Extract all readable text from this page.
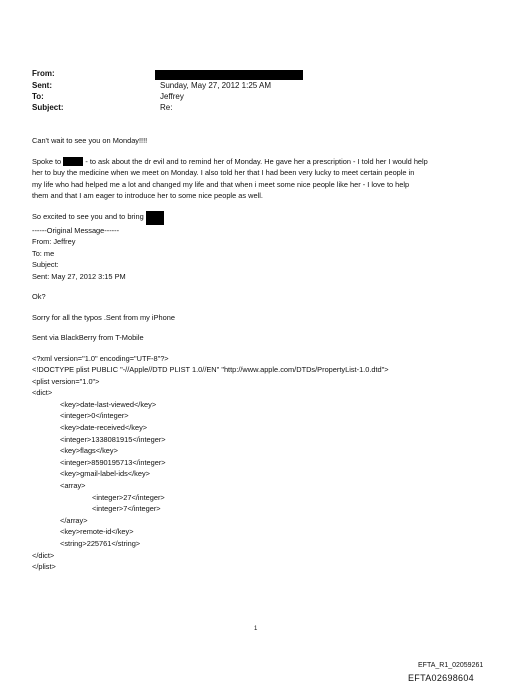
From:
Sent:	Sunday, May 27, 2012 1:25 AM
To:	Jeffrey
Subject:	Re:

Can't wait to see you on Monday!!!!

Spoke to	- to ask about the dr evil and to remind her of Monday. He gave her a prescription - I told her I would help
her to buy the medicine when we meet on Monday. I also told her that I had been very lucky to meet certain people in
my life who had helped me a lot and changed my life and that when i meet some nice people like her - I love to help
them and that I am eager to introduce her to some nice people as well.

So excited to see you and to bring
------Original Message------
From: Jeffrey
To: me
Subject:
Sent: May 27, 2012 3:15 PM

Ok?

Sorry for all the typos .Sent from my iPhone

Sent via BlackBerry from T-Mobile

<?xml version="1.0" encoding="UTF-8"?>
<!DOCTYPE plist PUBLIC "-//Apple//DTD PLIST 1.0//EN" "http://www.apple.com/DTDs/PropertyList-1.0.dtd">
<plist version="1.0">
<dict>
<key>date-last-viewed</key>
<integer>0</integer>
<key>date-received</key>
<integer>1338081915</integer>
<key>flags</key>
<integer>8590195713</integer>
<key>gmail-label-ids</key>
<array>
<integer>27</integer>
<integer>7</integer>
</array>
<key>remote-id</key>
<string>225761</string>
</dict>
</plist>
1
EFTA_R1_02059261
EFTA02698604
